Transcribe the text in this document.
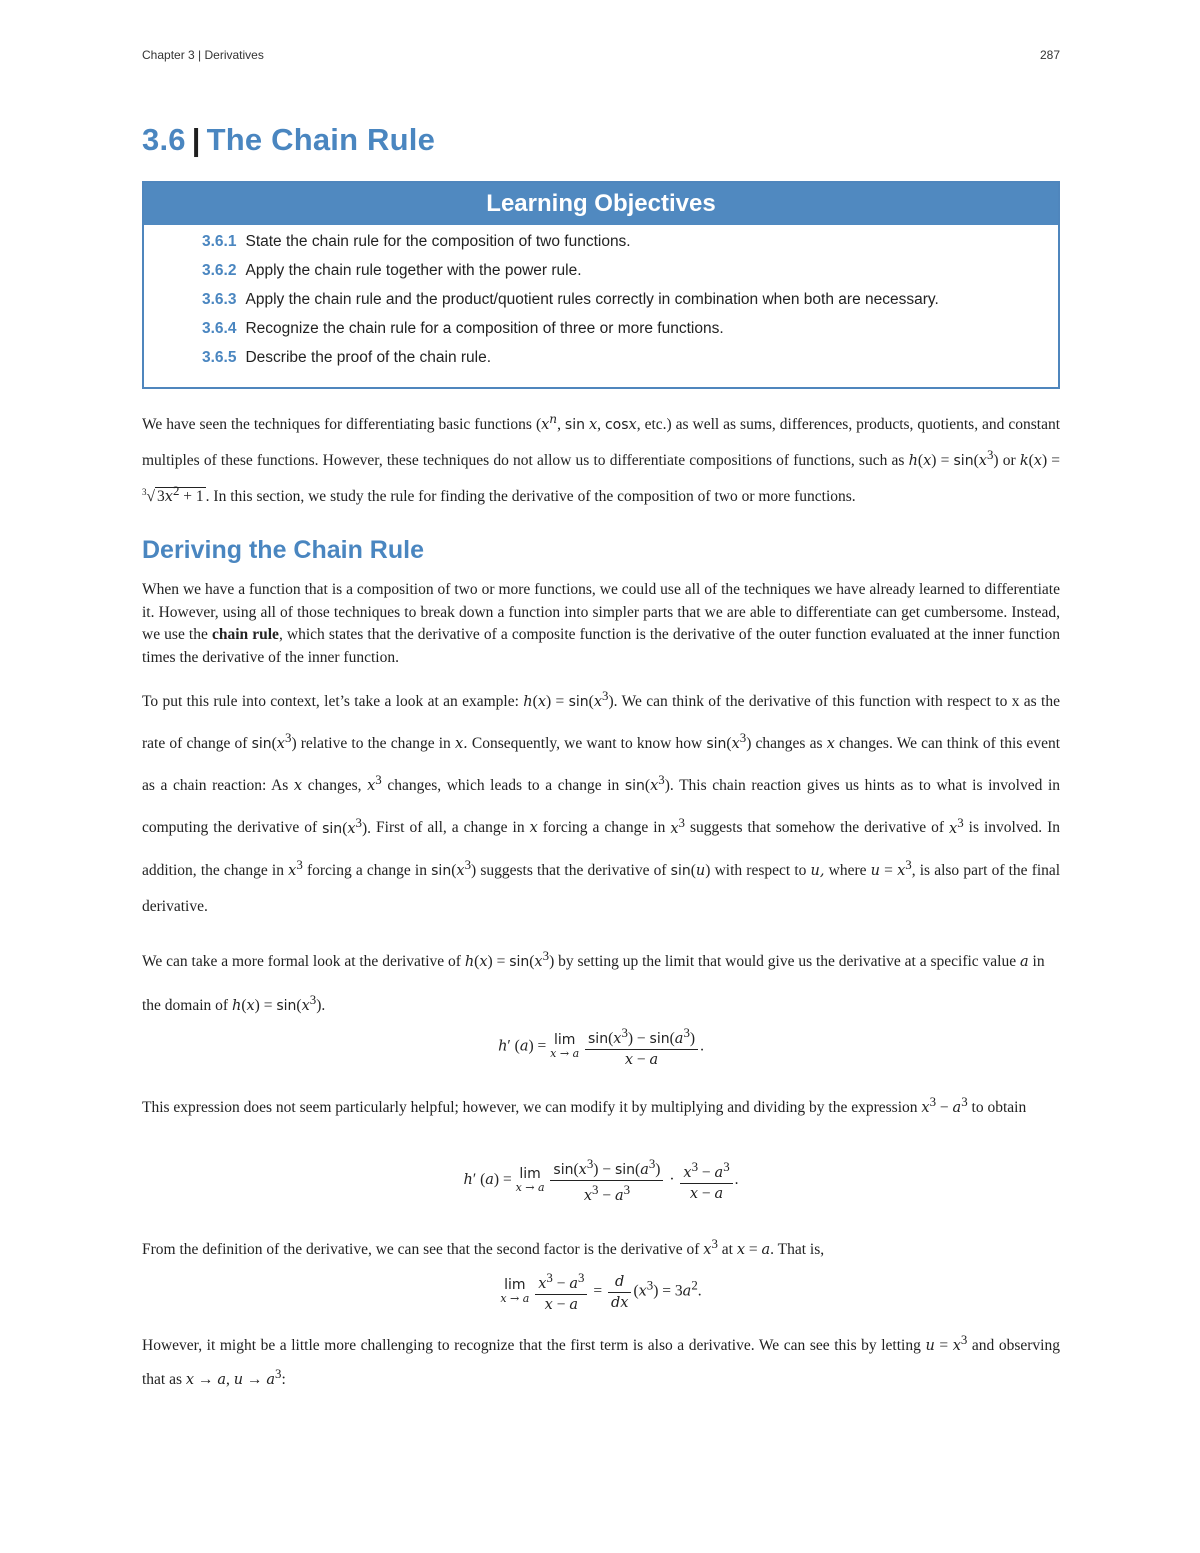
Chapter 3 | Derivatives	287
3.6 | The Chain Rule
Learning Objectives
3.6.1 State the chain rule for the composition of two functions.
3.6.2 Apply the chain rule together with the power rule.
3.6.3 Apply the chain rule and the product/quotient rules correctly in combination when both are necessary.
3.6.4 Recognize the chain rule for a composition of three or more functions.
3.6.5 Describe the proof of the chain rule.

We have seen the techniques for differentiating basic functions ($x^n$, sin x, cosx, etc.) as well as sums, differences, products, quotients, and constant multiples of these functions. However, these techniques do not allow us to differentiate compositions of functions, such as $h(x) = \sin(x^3)$ or k(x) = $^3$√ $3x^2 + 1$ . In this section, we study the rule for finding the derivative of the composition of two or more functions.

Deriving the Chain Rule

When we have a function that is a composition of two or more functions, we could use all of the techniques we have already learned to differentiate it. However, using all of those techniques to break down a function into simpler parts that we are able to differentiate can get cumbersome. Instead, we use the chain rule, which states that the derivative of a composite function is the derivative of the outer function evaluated at the inner function times the derivative of the inner function.

To put this rule into context, let’s take a look at an example: $h(x) = \sin(x^3)$. We can think of the derivative of this function with respect to x as the rate of change of $\sin(x^3)$ relative to the change in x. Consequently, we want to know how $\sin(x^3)$ changes as x changes. We can think of this event as a chain reaction: As x changes, $x^3$ changes, which leads to a change in $\sin(x^3)$. This chain reaction gives us hints as to what is involved in computing the derivative of $\sin(x^3)$. First of all, a change in x forcing a change in $x^3$ suggests that somehow the derivative of $x^3$ is involved. In addition, the change in $x^3$ forcing a change in $\sin(x^3)$ suggests that the derivative of sin(u) with respect to u, where $u = x^3$, is also part of the final derivative.

We can take a more formal look at the derivative of $h(x) = \sin(x^3)$ by setting up the limit that would give us the derivative at a specific value a in the domain of $h(x) = \sin(x^3)$.

h′ (a) = lim
x → a
$\frac{\sin(x^3) - \sin(a^3)}{x - a}$ .

This expression does not seem particularly helpful; however, we can modify it by multiplying and dividing by the expression $x^3 - a^3$ to obtain

h′ (a) = lim
x → a
$\frac{\sin(x^3) - \sin(a^3)}{x^3 - a^3} \cdot \frac{x^3 - a^3}{x - a}$ .

From the definition of the derivative, we can see that the second factor is the derivative of $x^3$ at x = a. That is,

lim
x → a
$\frac{x^3 - a^3}{x - a} = \frac{d}{dx} (x^3) = 3a^2$.

However, it might be a little more challenging to recognize that the first term is also a derivative. We can see this by letting $u = x^3$ and observing that as x → a, $u \to a^3$:
